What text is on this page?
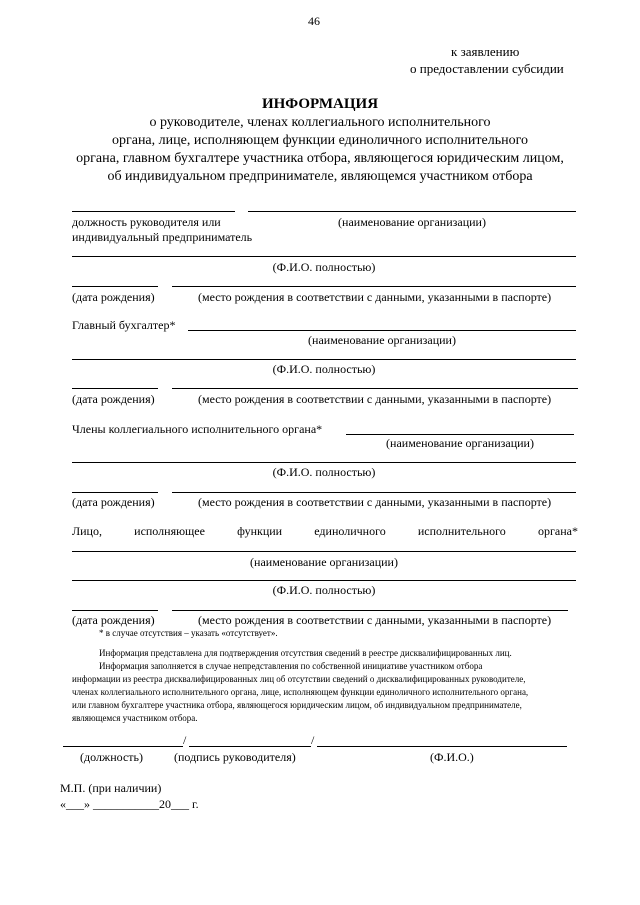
46
к заявлению
о предоставлении субсидии
ИНФОРМАЦИЯ
о руководителе, членах коллегиального исполнительного
органа, лице, исполняющем функции единоличного исполнительного
органа, главном бухгалтере участника отбора, являющегося юридическим лицом,
об индивидуальном предпринимателе, являющемся участником отбора
должность руководителя или
индивидуальный предприниматель
(наименование организации)
(Ф.И.О. полностью)
(дата рождения)	(место рождения в соответствии с данными, указанными в паспорте)
Главный бухгалтер*
(наименование организации)
(Ф.И.О. полностью)
(дата рождения)	(место рождения в соответствии с данными, указанными в паспорте)
Члены коллегиального исполнительного органа*
(наименование организации)
(Ф.И.О. полностью)
(дата рождения)	(место рождения в соответствии с данными, указанными в паспорте)
Лицо,	исполняющее	функции	единоличного	исполнительного	органа*
(наименование организации)
(Ф.И.О. полностью)
(дата рождения)	(место рождения в соответствии с данными, указанными в паспорте)
* в случае отсутствия – указать «отсутствует».
Информация представлена для подтверждения отсутствия сведений в реестре дисквалифицированных лиц.
Информация заполняется в случае непредставления по собственной инициативе участником отбора
информации из реестра дисквалифицированных лиц об отсутствии сведений о дисквалифицированных руководителе,
членах коллегиального исполнительного органа, лице, исполняющем функции единоличного исполнительного органа,
или главном бухгалтере участника отбора, являющегося юридическим лицом, об индивидуальном предпринимателе,
являющемся участником отбора.
/	/
(должность)	(подпись руководителя)	(Ф.И.О.)
М.П. (при наличии)
«___» ___________20___ г.
